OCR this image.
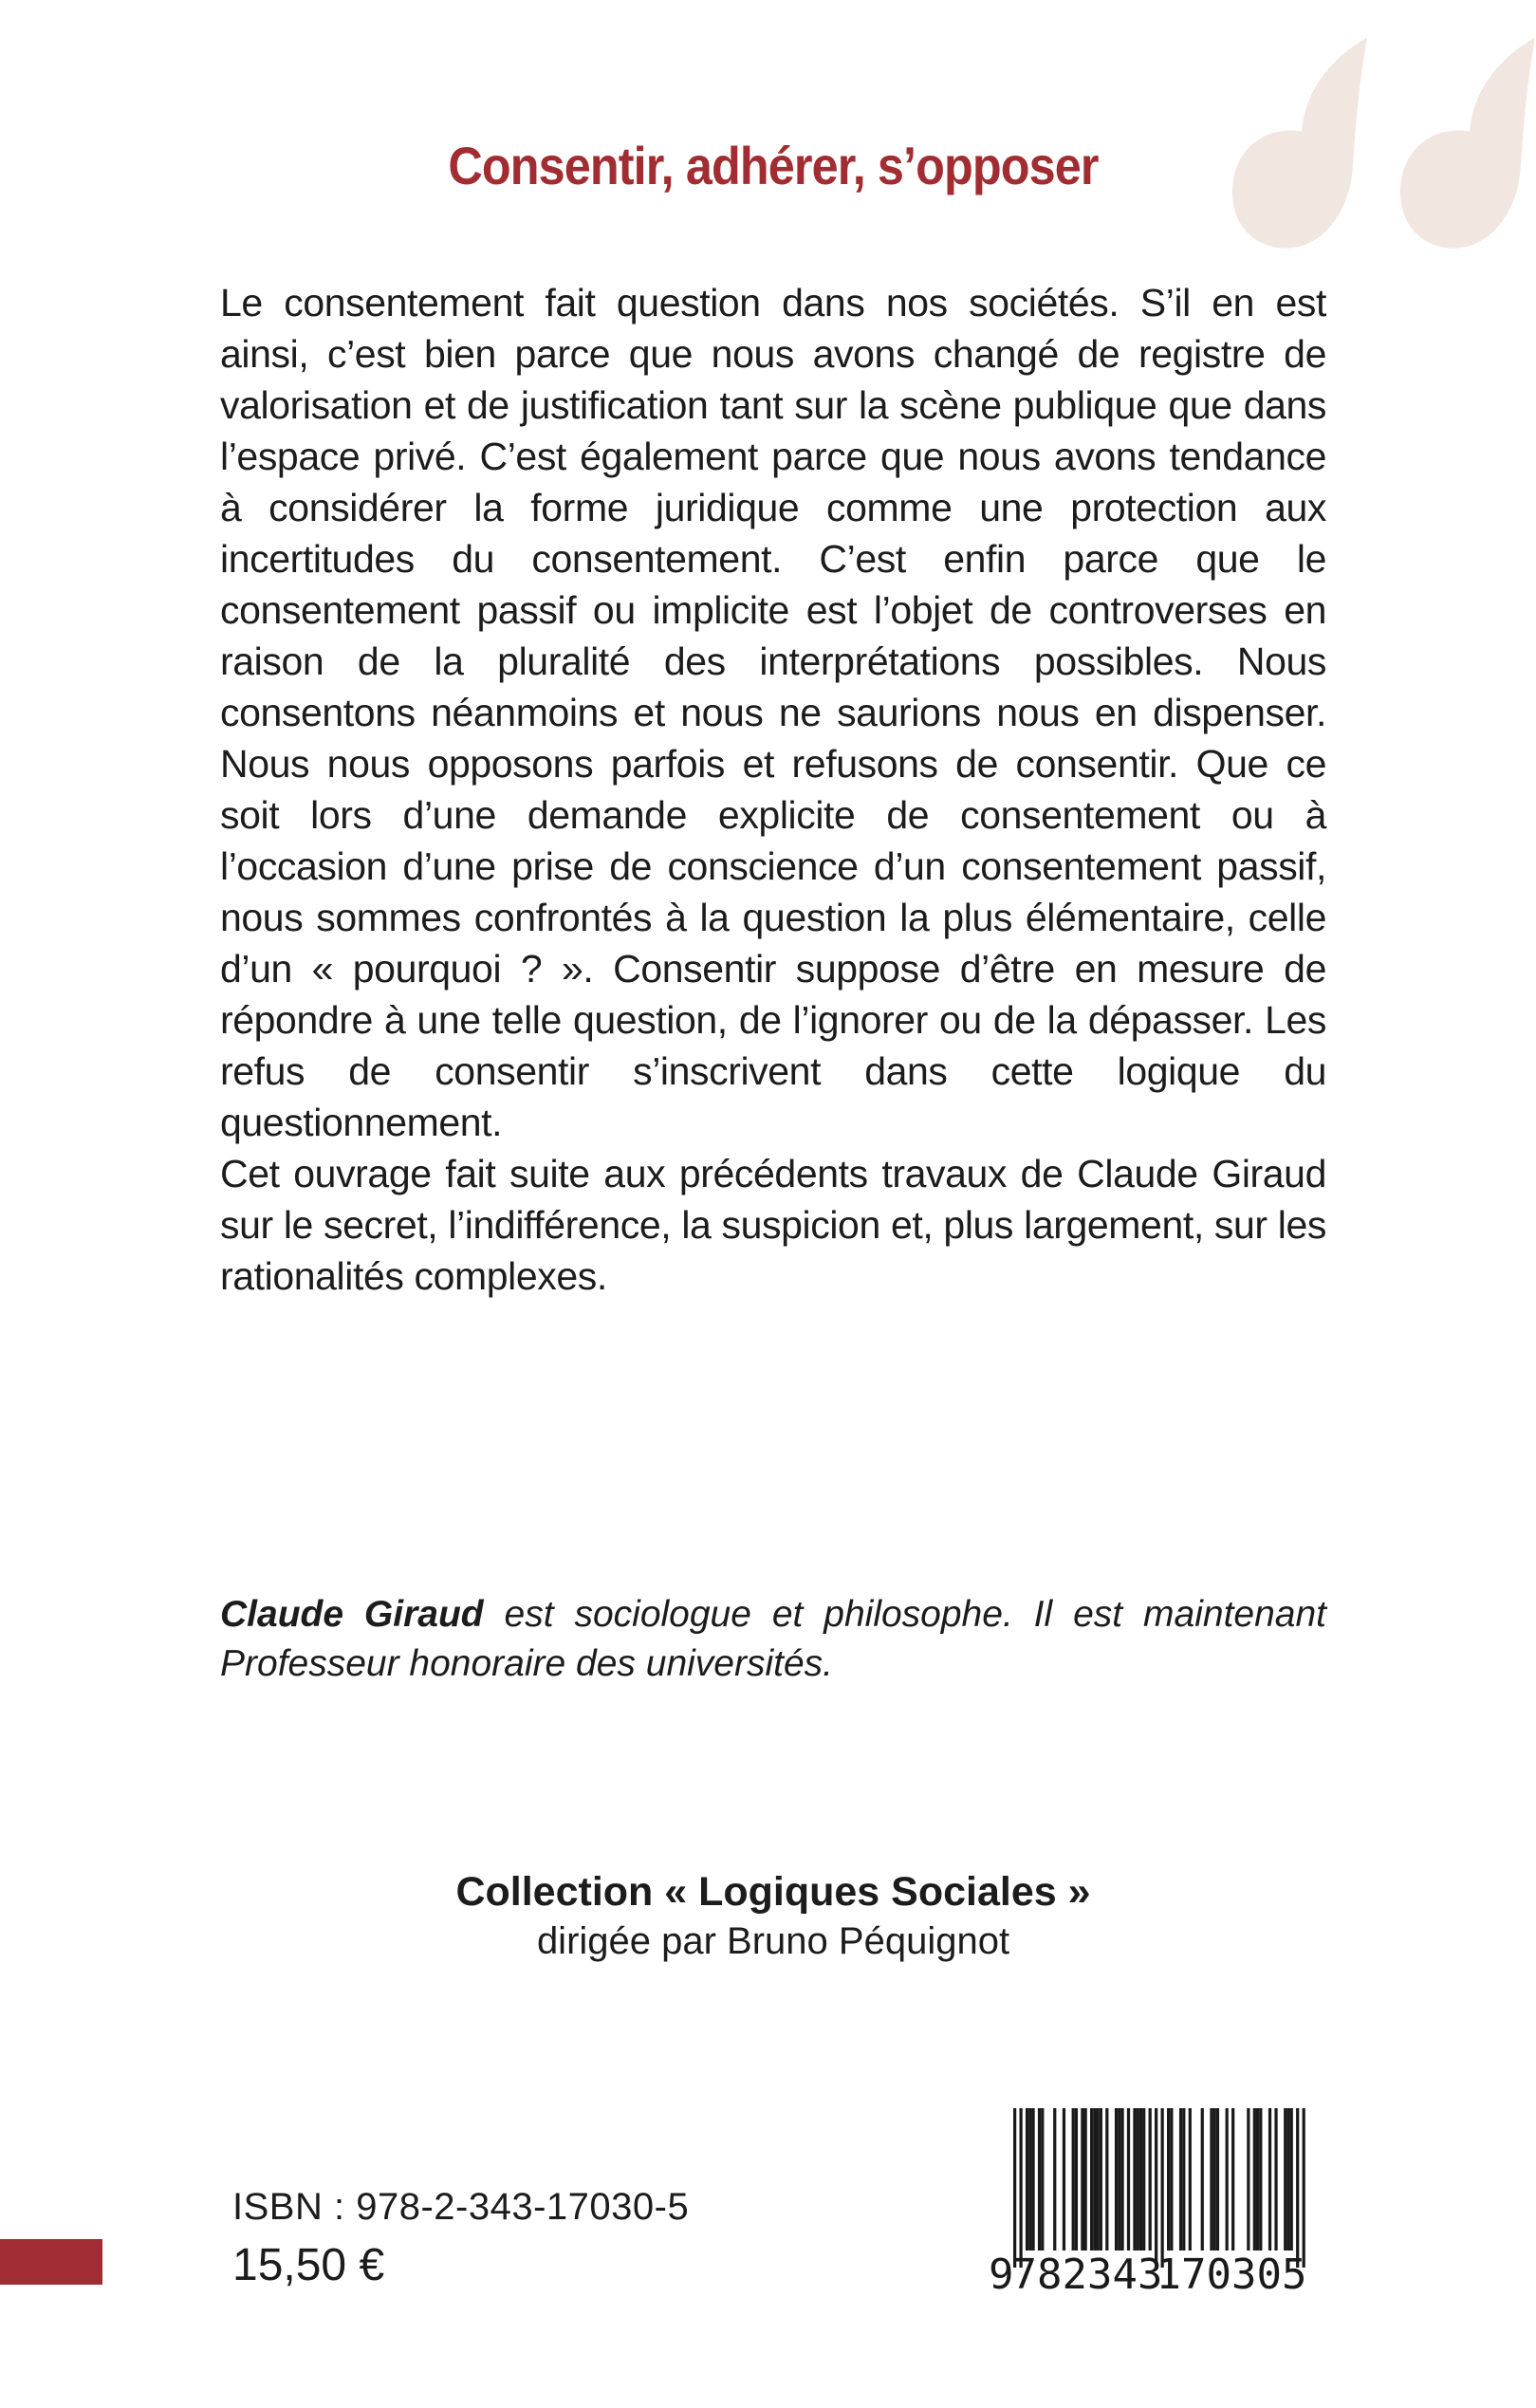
Consentir, adhérer, s’opposer

Le consentement fait question dans nos sociétés. S’il en est ainsi, c’est bien parce que nous avons changé de registre de valorisation et de justification tant sur la scène publique que dans l’espace privé. C’est également parce que nous avons tendance à considérer la forme juridique comme une protection aux incertitudes du consentement. C’est enfin parce que le consentement passif ou implicite est l’objet de controverses en raison de la pluralité des interprétations possibles. Nous consentons néanmoins et nous ne saurions nous en dispenser. Nous nous opposons parfois et refusons de consentir. Que ce soit lors d’une demande explicite de consentement ou à l’occasion d’une prise de conscience d’un consentement passif, nous sommes confrontés à la question la plus élémentaire, celle d’un « pourquoi ? ». Consentir suppose d’être en mesure de répondre à une telle question, de l’ignorer ou de la dépasser. Les refus de consentir s’inscrivent dans cette logique du questionnement.

Cet ouvrage fait suite aux précédents travaux de Claude Giraud sur le secret, l’indifférence, la suspicion et, plus largement, sur les rationalités complexes.

Claude Giraud est sociologue et philosophe. Il est maintenant Professeur honoraire des universités.

Collection « Logiques Sociales »

dirigée par Bruno Péquignot

ISBN : 978-2-343-17030-5
15,50 €	9
782343
170305
